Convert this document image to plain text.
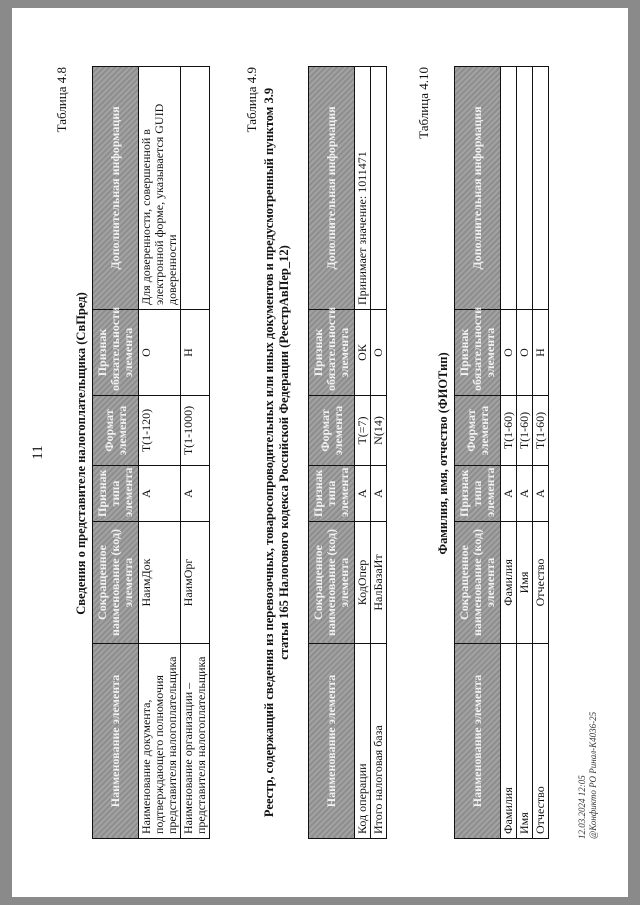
11
Таблица 4.8
Сведения о представителе налогоплательщика (СвПред)
Наименование элемента	Сокращенное наименование (код) элемента	Признак типа элемента	Формат элемента	Признак обязательности элемента	Дополнительная информация
Наименование документа, подтверждающего полномочия представителя налогоплательщика	НаимДок	А	T(1-120)	О	Для доверенности, совершенной в электронной форме, указывается GUID доверенности
Наименование организации – представителя налогоплательщика	НаимОрг	А	T(1-1000)	Н	
Таблица 4.9 Реестр, содержащий сведения из перевозочных, товаросопроводительных или иных документов и предусмотренный пунктом 3.9 статьи 165 Налогового кодекса Российской Федерации (РеестрАвПер_12)
Наименование элемента	Сокращенное наименование (код) элемента	Признак типа элемента	Формат элемента	Признак обязательности элемента	Дополнительная информация
Код операции	КодОпер	А	T(=7)	ОК	Принимает значение: 1011471
Итого налоговая база	НалБазаИт	А	N(14)	О	
Таблица 4.10
Фамилия, имя, отчество (ФИОТип)
Наименование элемента	Сокращенное наименование (код) элемента	Признак типа элемента	Формат элемента	Признак обязательности элемента	Дополнительная информация
Фамилия	Фамилия	А	T(1-60)	О	
Имя	Имя	А	T(1-60)	О	
Отчество	Отчество	А	T(1-60)	Н	
12.03.2024 12:05 @Конфикто РО Ринал-К4036-25
